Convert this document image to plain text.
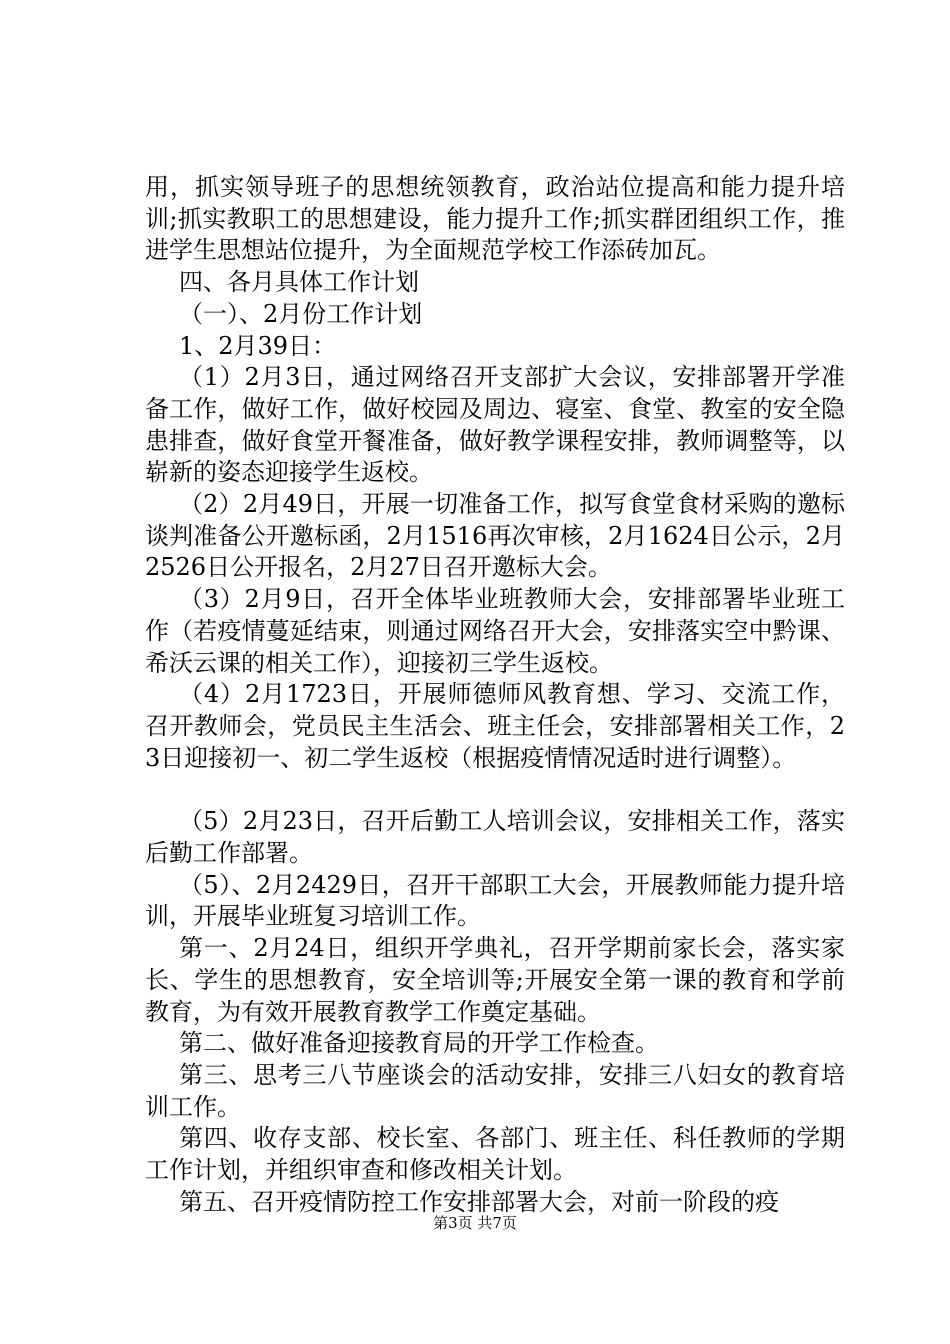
用，抓实领导班子的思想统领教育，政治站位提高和能力提升培训;抓实教职工的思想建设，能力提升工作;抓实群团组织工作，推进学生思想站位提升，为全面规范学校工作添砖加瓦。

四、各月具体工作计划

（一）、2月份工作计划

1、2月39日：

（1）2月3日，通过网络召开支部扩大会议，安排部署开学准备工作，做好工作，做好校园及周边、寝室、食堂、教室的安全隐患排查，做好食堂开餐准备，做好教学课程安排，教师调整等，以崭新的姿态迎接学生返校。

（2）2月49日，开展一切准备工作，拟写食堂食材采购的邀标谈判准备公开邀标函，2月1516再次审核，2月1624日公示，2月2526日公开报名，2月27日召开邀标大会。

（3）2月9日，召开全体毕业班教师大会，安排部署毕业班工作（若疫情蔓延结束，则通过网络召开大会，安排落实空中黔课、希沃云课的相关工作），迎接初三学生返校。

（4）2月1723日，开展师德师风教育想、学习、交流工作，召开教师会，党员民主生活会、班主任会，安排部署相关工作，23日迎接初一、初二学生返校（根据疫情情况适时进行调整）。

（5）2月23日，召开后勤工人培训会议，安排相关工作，落实后勤工作部署。

（5）、2月2429日，召开干部职工大会，开展教师能力提升培训，开展毕业班复习培训工作。

第一、2月24日，组织开学典礼，召开学期前家长会，落实家长、学生的思想教育，安全培训等;开展安全第一课的教育和学前教育，为有效开展教育教学工作奠定基础。

第二、做好准备迎接教育局的开学工作检查。

第三、思考三八节座谈会的活动安排，安排三八妇女的教育培训工作。

第四、收存支部、校长室、各部门、班主任、科任教师的学期工作计划，并组织审查和修改相关计划。

第五、召开疫情防控工作安排部署大会，对前一阶段的疫

第3页 共7页
